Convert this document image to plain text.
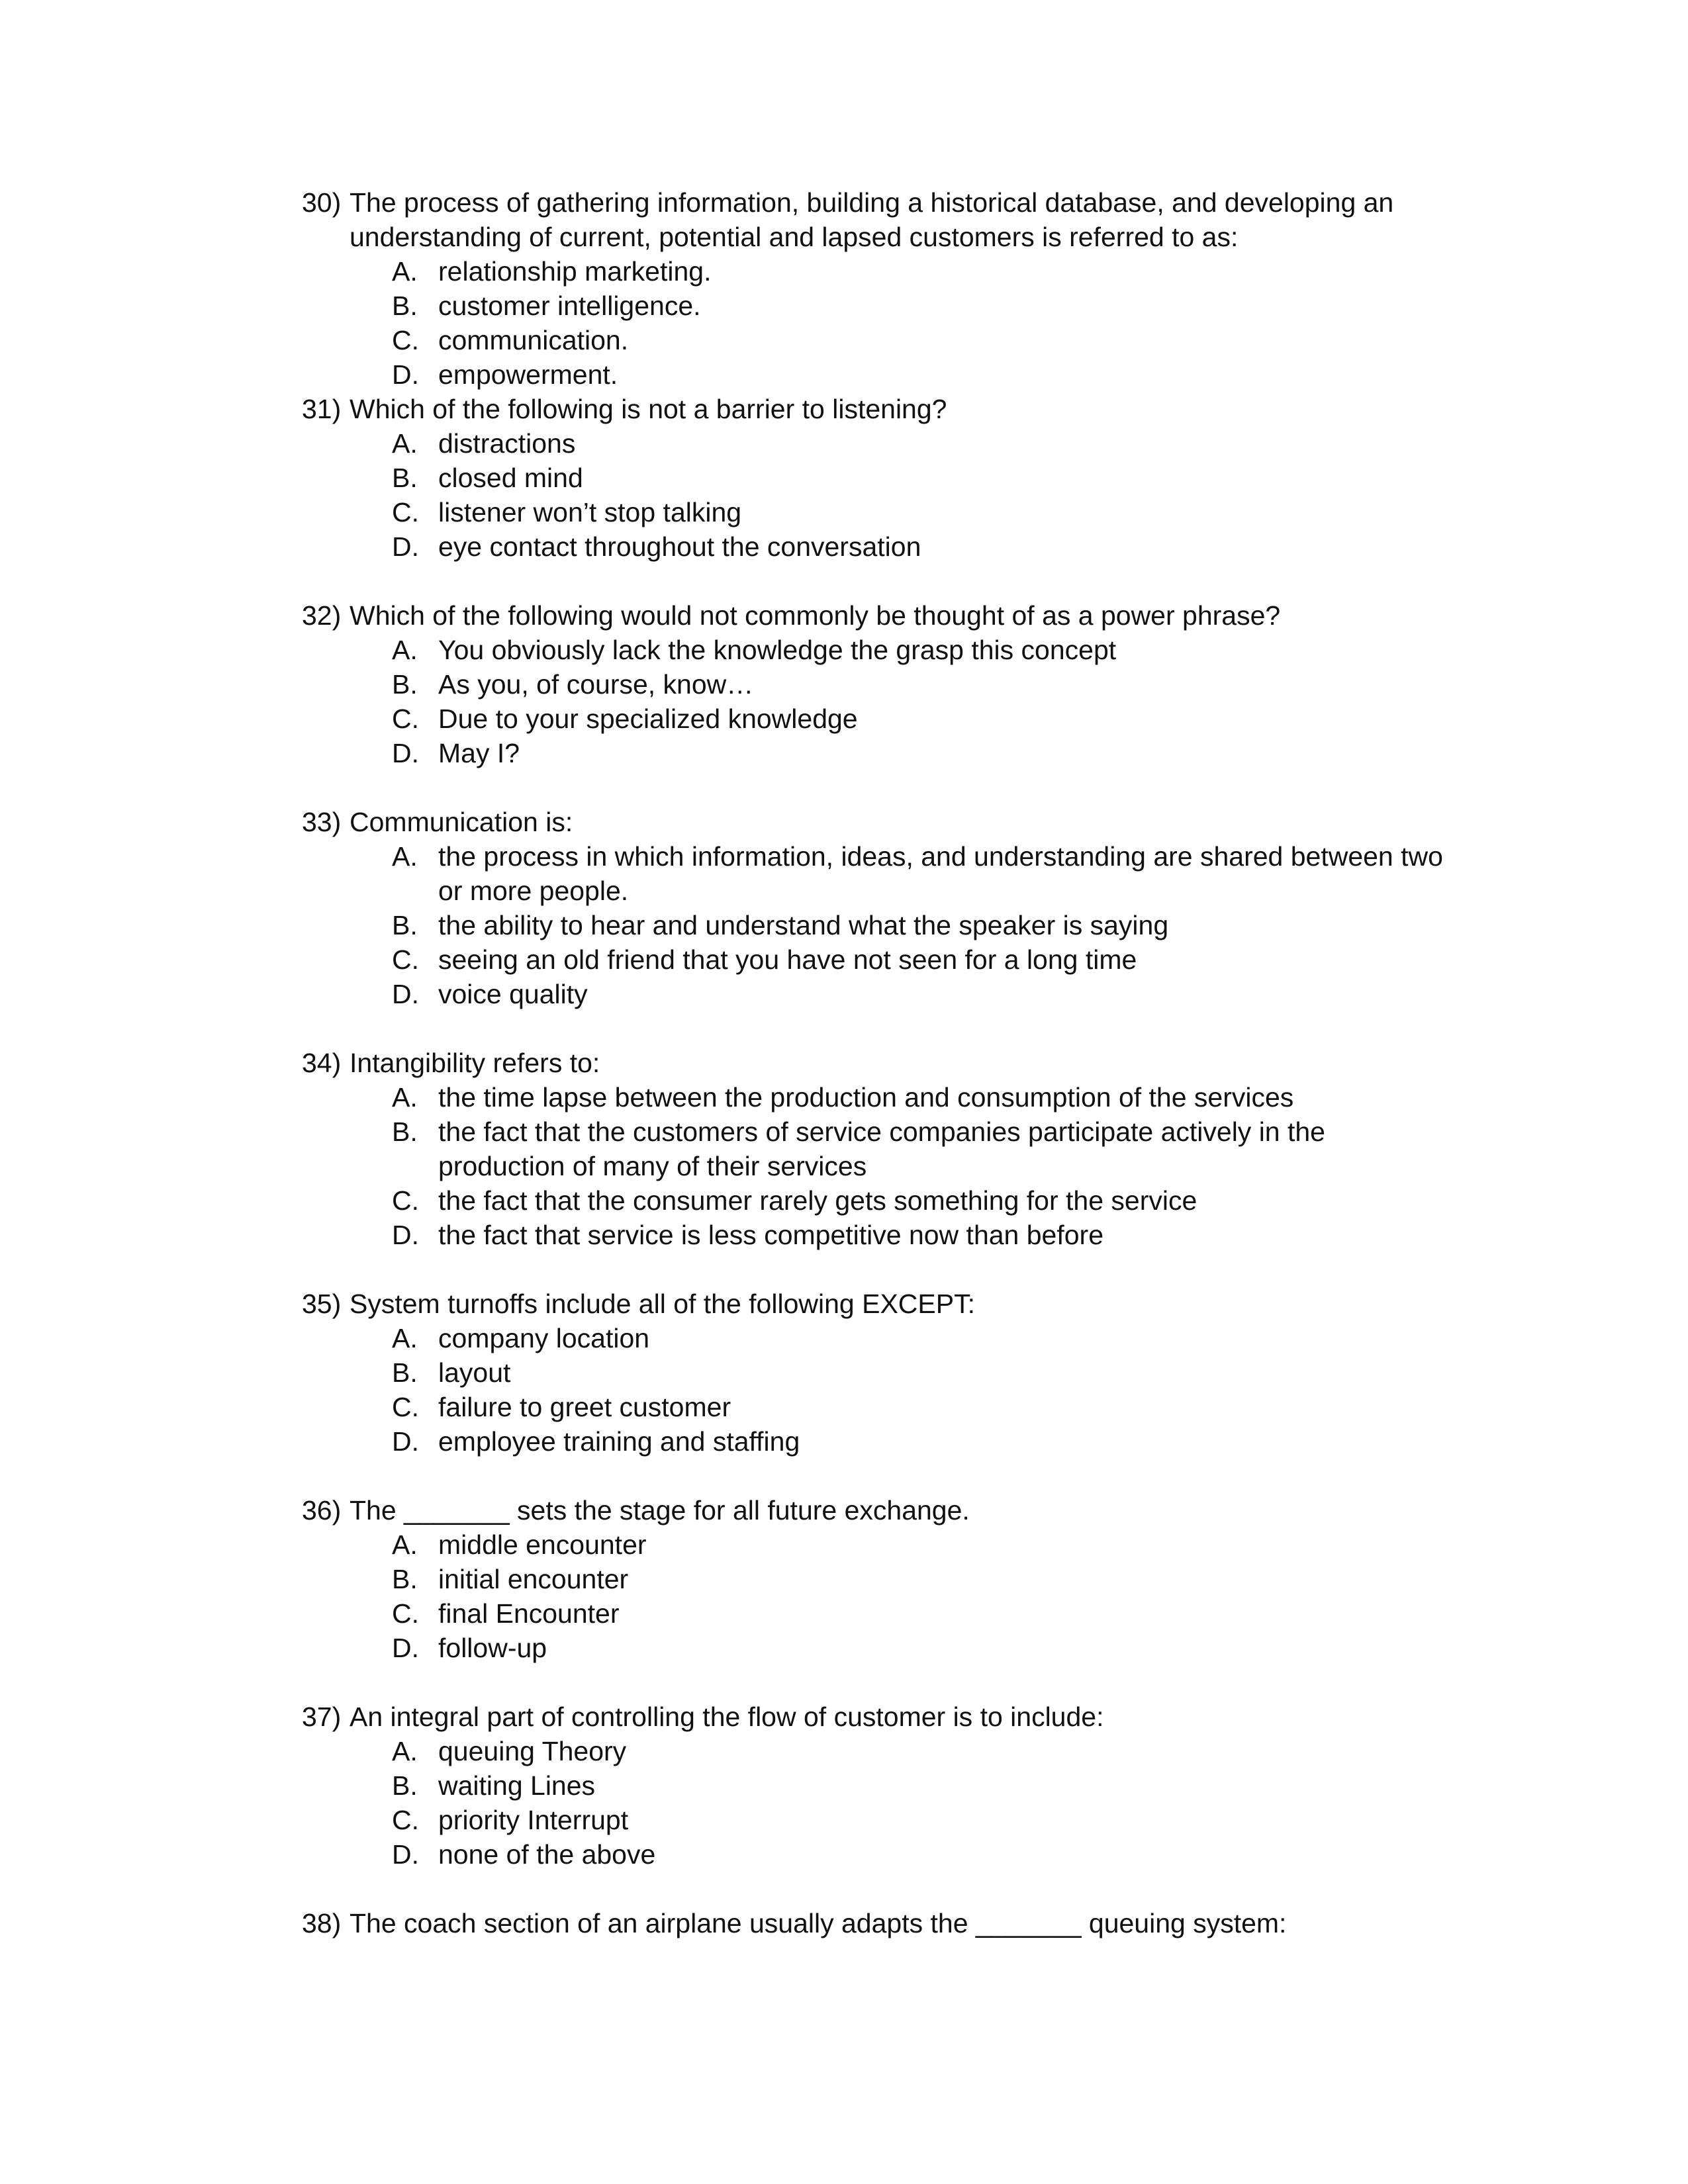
30) The process of gathering information, building a historical database, and developing an
understanding of current, potential and lapsed customers is referred to as:
A. relationship marketing.
B. customer intelligence.
C. communication.
D. empowerment.
31) Which of the following is not a barrier to listening?
A. distractions
B. closed mind
C. listener won’t stop talking
D. eye contact throughout the conversation
32) Which of the following would not commonly be thought of as a power phrase?
A. You obviously lack the knowledge the grasp this concept
B. As you, of course, know…
C. Due to your specialized knowledge
D. May I?
33) Communication is:
A. the process in which information, ideas, and understanding are shared between two
or more people.
B. the ability to hear and understand what the speaker is saying
C. seeing an old friend that you have not seen for a long time
D. voice quality
34) Intangibility refers to:
A. the time lapse between the production and consumption of the services
B. the fact that the customers of service companies participate actively in the
production of many of their services
C. the fact that the consumer rarely gets something for the service
D. the fact that service is less competitive now than before
35) System turnoffs include all of the following EXCEPT:
A. company location
B. layout
C. failure to greet customer
D. employee training and staffing
36) The _______ sets the stage for all future exchange.
A. middle encounter
B. initial encounter
C. final Encounter
D. follow-up
37) An integral part of controlling the flow of customer is to include:
A. queuing Theory
B. waiting Lines
C. priority Interrupt
D. none of the above
38) The coach section of an airplane usually adapts the _______ queuing system:
